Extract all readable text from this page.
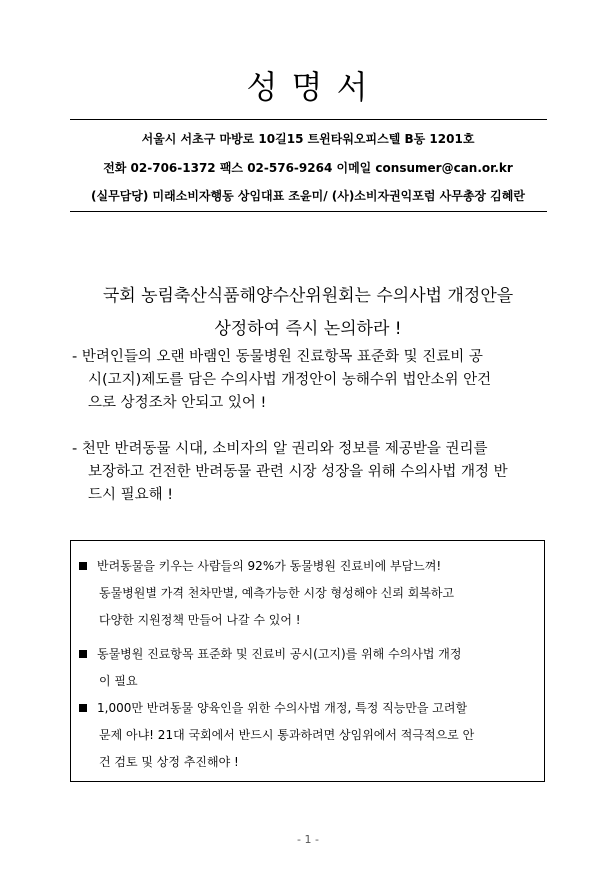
성 명 서
서울시 서초구 마방로 10길15 트윈타워오피스텔 B동 1201호
전화 02-706-1372 팩스 02-576-9264 이메일 consumer@can.or.kr
(실무담당) 미래소비자행동 상임대표 조윤미/ (사)소비자권익포럼 사무총장 김혜란
국회 농림축산식품해양수산위원회는 수의사법 개정안을
상정하여 즉시 논의하라 !
- 반려인들의 오랜 바램인 동물병원 진료항목 표준화 및 진료비 공
시(고지)제도를 담은 수의사법 개정안이 농해수위 법안소위 안건
으로 상정조차 안되고 있어 !
- 천만 반려동물 시대, 소비자의 알 권리와 정보를 제공받을 권리를
보장하고 건전한 반려동물 관련 시장 성장을 위해 수의사법 개정 반
드시 필요해 !
반려동물을 키우는 사람들의 92%가 동물병원 진료비에 부담느껴!
동물병원별 가격 천차만별, 예측가능한 시장 형성해야 신뢰 회복하고
다양한 지원정책 만들어 나갈 수 있어 !
동물병원 진료항목 표준화 및 진료비 공시(고지)를 위해 수의사법 개정
이 필요
1,000만 반려동물 양육인을 위한 수의사법 개정, 특정 직능만을 고려할
문제 아냐! 21대 국회에서 반드시 통과하려면 상임위에서 적극적으로 안
건 검토 및 상정 추진해야 !
- 1 -
